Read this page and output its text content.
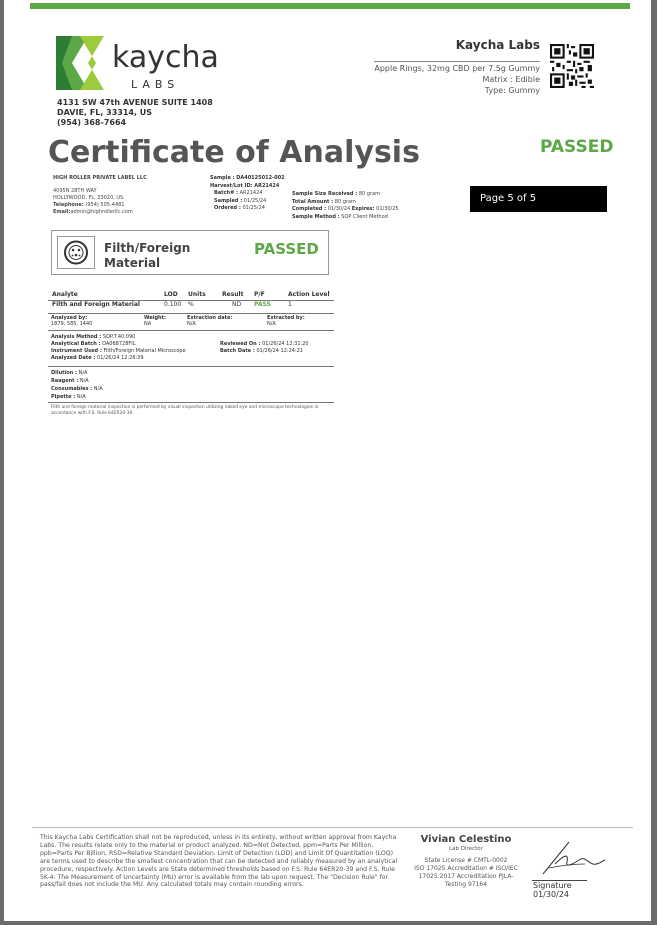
kaycha
LABS
4131 SW 47th AVENUE SUITE 1408
DAVIE, FL, 33314, US
(954) 368-7664
Kaycha Labs
Apple Rings, 32mg CBD per 7.5g Gummy
Matrix : Edible
Type: Gummy
Certificate of Analysis	PASSED
HIGH ROLLER PRIVATE LABEL LLC
4095N 28TH WAY
HOLLYWOOD, FL, 33020, US
Telephone: (954) 505-4481
Email:admin@highrollerllc.com
Sample : DA40125012-002
Harvest/Lot ID: AR21424
Batch# : AR21424
Sampled : 01/25/24
Ordered : 01/25/24
Sample Size Received : 80 gram
Total Amount : 80 gram
Completed : 01/30/24 Expires: 01/30/25
Sample Method : SOP Client Method
Page 5 of 5
Filth/Foreign
Material
PASSED
Analyte	LOD Units	Result P/F	Action Level
Filth and Foreign Material	0.100 %	ND PASS	1
Analyzed by:
1879, 585, 1440
Weight:
NA
Extraction date:
N/A
Extracted by:
N/A
Analysis Method : SOP.T.40.090
Analytical Batch : DA068728FIL
Instrument Used : Filth/Foreign Material Microscope
Analyzed Date : 01/26/24 12:26:39
Reviewed On : 01/26/24 12:31:20
Batch Date : 01/26/24 12:24:21
Dilution : N/A
Reagent : N/A
Consumables : N/A
Pipette : N/A
Filth and foreign material inspection is performed by visual inspection utilizing naked eye and microscope technologies in accordance with F.S. Rule 64ER20-39.
This Kaycha Labs Certification shall not be reproduced, unless in its entirety, without written approval from Kaycha Labs. The results relate only to the material or product analyzed. ND=Not Detected, ppm=Parts Per Million, ppb=Parts Per Billion, RSD=Relative Standard Deviation. Limit of Detection (LOD) and Limit Of Quantitation (LOQ) are terms used to describe the smallest concentration that can be detected and reliably measured by an analytical procedure, respectively. Action Levels are State determined thresholds based on F.S. Rule 64ER20-39 and F.S. Rule 5K-4. The Measurement of Uncertainty (MU) error is available from the lab upon request. The "Decision Rule" for pass/fail does not include the MU. Any calculated totals may contain rounding errors.
Vivian Celestino
Lab Director
State License # CMTL-0002
ISO 17025 Accreditation # ISO/IEC
17025:2017 Accreditation PJLA-
Testing 97164	Signature
01/30/24
